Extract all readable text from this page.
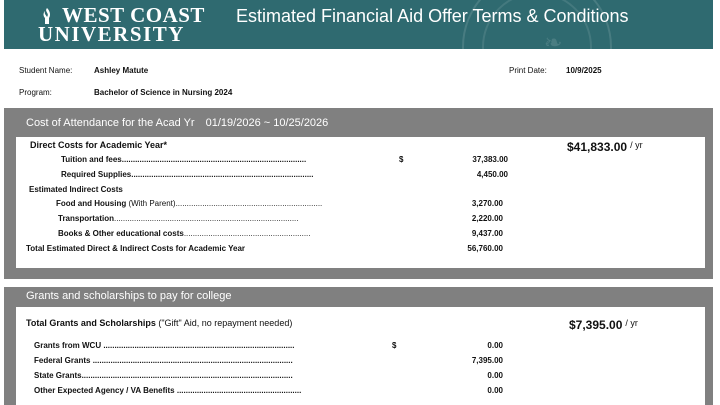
❧
WEST COAST
UNIVERSITY
Estimated Financial Aid Offer Terms & Conditions
Student Name:	Ashley Matute	Print Date: 10/9/2025
Program:	Bachelor of Science in Nursing 2024
Cost of Attendance for the Acad Yr 01/19/2026 ~ 10/25/2026
Direct Costs for Academic Year*	$41,833.00 $^{/ yr}$
Tuition and fees...................................................................................	$	37,383.00
Required Supplies..................................................................................	4,450.00
Estimated Indirect Costs
Food and Housing (With Parent)..................................................................	3,270.00
Transportation...................................................................................	2,220.00
Books & Other educational costs.........................................................	9,437.00
Total Estimated Direct & Indirect Costs for Academic Year	56,760.00
Grants and scholarships to pay for college
Total Grants and Scholarships ("Gift" Aid, no repayment needed)	$7,395.00 $^{/ yr}$
Grants from WCU ......................................................................................	$	0.00
Federal Grants ..........................................................................................	7,395.00
State Grants...............................................................................................	0.00
Other Expected Agency / VA Benefits ........................................................	0.00
